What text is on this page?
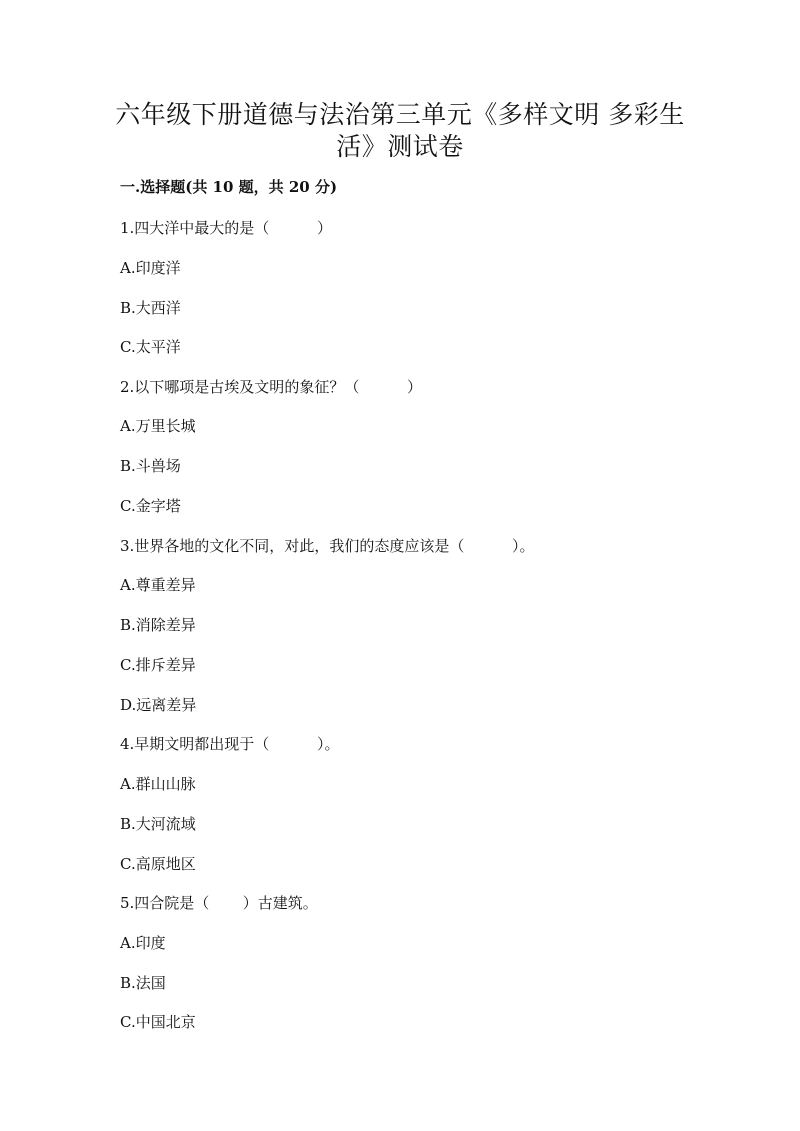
六年级下册道德与法治第三单元《多样文明 多彩生
活》测试卷

一.选择题(共 10 题，共 20 分)

1.四大洋中最大的是（          ）

A.印度洋

B.大西洋

C.太平洋

2.以下哪项是古埃及文明的象征？（          ）

A.万里长城

B.斗兽场

C.金字塔

3.世界各地的文化不同，对此，我们的态度应该是（          ）。

A.尊重差异

B.消除差异

C.排斥差异

D.远离差异

4.早期文明都出现于（          ）。

A.群山山脉

B.大河流域

C.高原地区

5.四合院是（       ）古建筑。

A.印度

B.法国

C.中国北京
